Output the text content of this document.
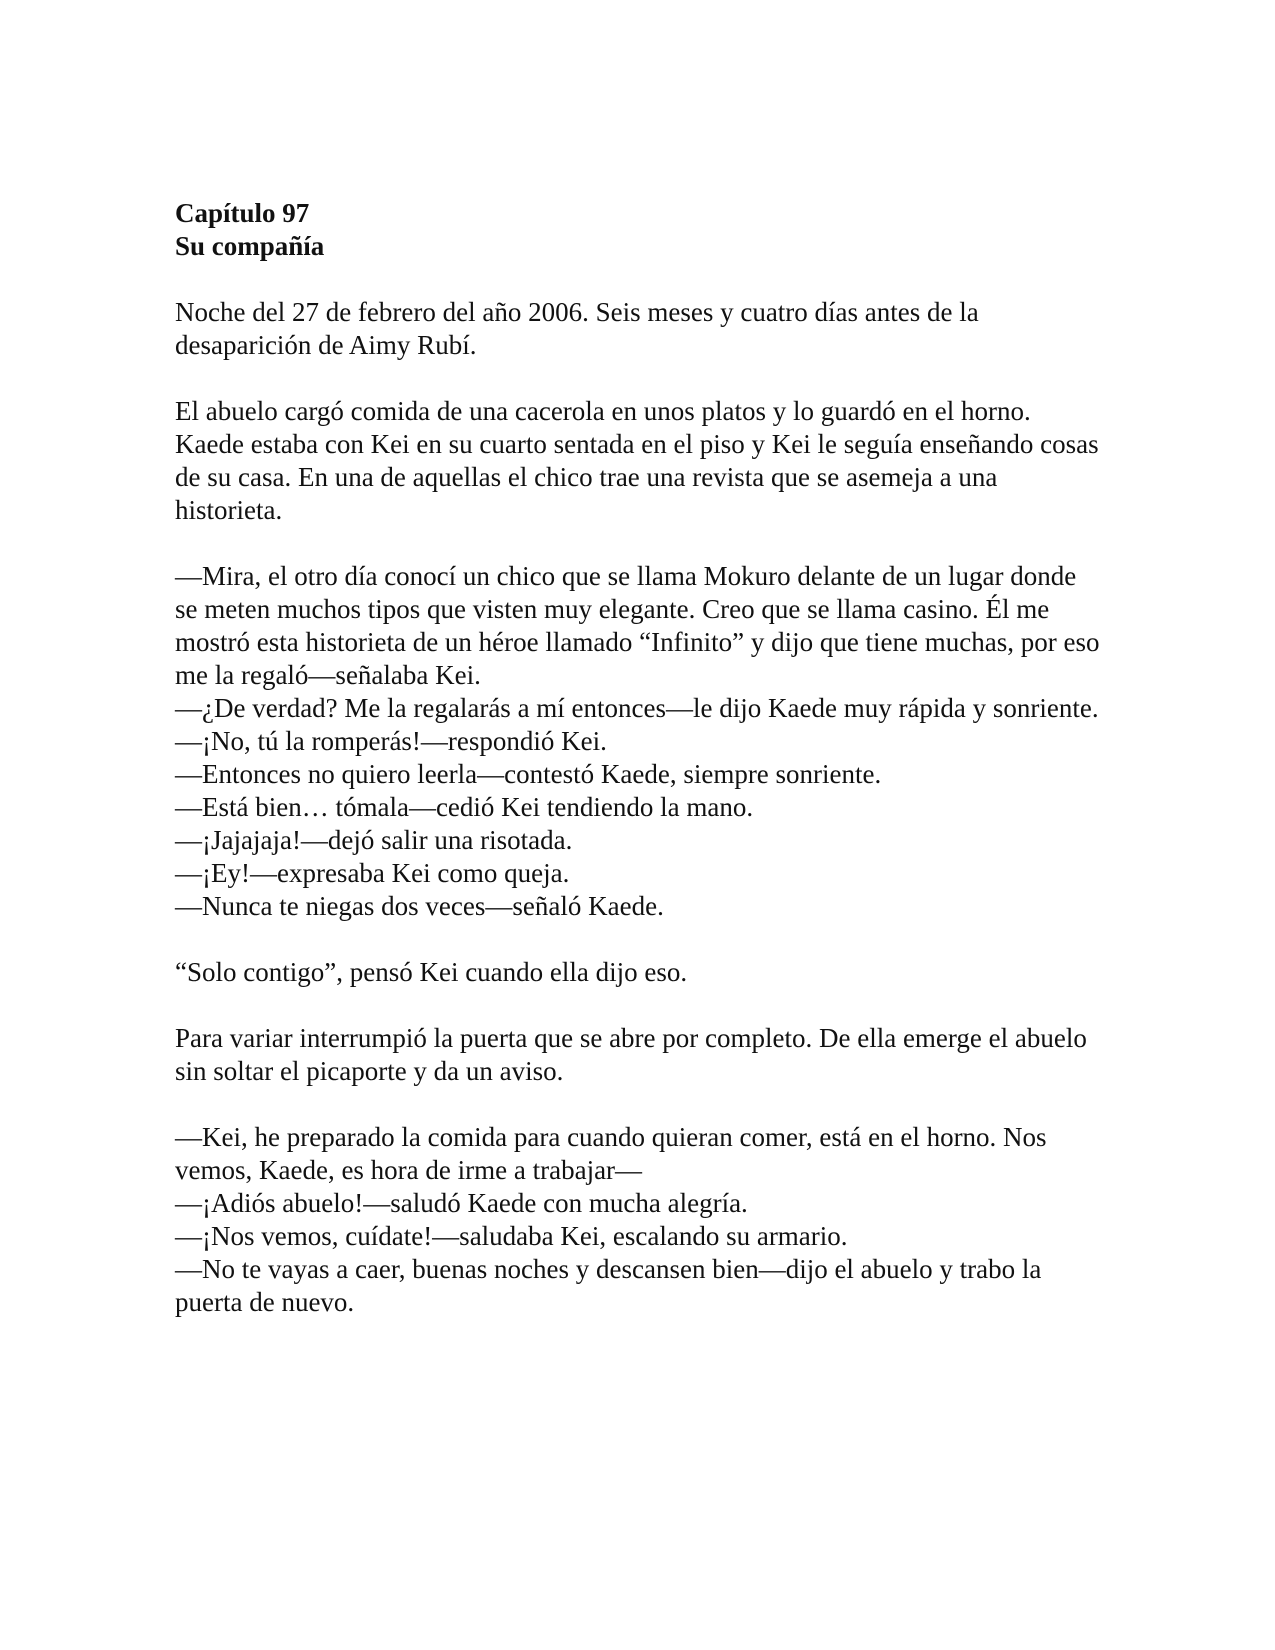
Capítulo 97

Su compañía

Noche del 27 de febrero del año 2006. Seis meses y cuatro días antes de la desaparición de Aimy Rubí.

El abuelo cargó comida de una cacerola en unos platos y lo guardó en el horno. Kaede estaba con Kei en su cuarto sentada en el piso y Kei le seguía enseñando cosas de su casa. En una de aquellas el chico trae una revista que se asemeja a una historieta.

—Mira, el otro día conocí un chico que se llama Mokuro delante de un lugar donde se meten muchos tipos que visten muy elegante. Creo que se llama casino. Él me mostró esta historieta de un héroe llamado “Infinito” y dijo que tiene muchas, por eso me la regaló—señalaba Kei.

—¿De verdad? Me la regalarás a mí entonces—le dijo Kaede muy rápida y sonriente.

—¡No, tú la romperás!—respondió Kei.

—Entonces no quiero leerla—contestó Kaede, siempre sonriente.

—Está bien… tómala—cedió Kei tendiendo la mano.

—¡Jajajaja!—dejó salir una risotada.

—¡Ey!—expresaba Kei como queja.

—Nunca te niegas dos veces—señaló Kaede.

“Solo contigo”, pensó Kei cuando ella dijo eso.

Para variar interrumpió la puerta que se abre por completo. De ella emerge el abuelo sin soltar el picaporte y da un aviso.

—Kei, he preparado la comida para cuando quieran comer, está en el horno. Nos vemos, Kaede, es hora de irme a trabajar—

—¡Adiós abuelo!—saludó Kaede con mucha alegría.

—¡Nos vemos, cuídate!—saludaba Kei, escalando su armario.

—No te vayas a caer, buenas noches y descansen bien—dijo el abuelo y trabo la puerta de nuevo.
